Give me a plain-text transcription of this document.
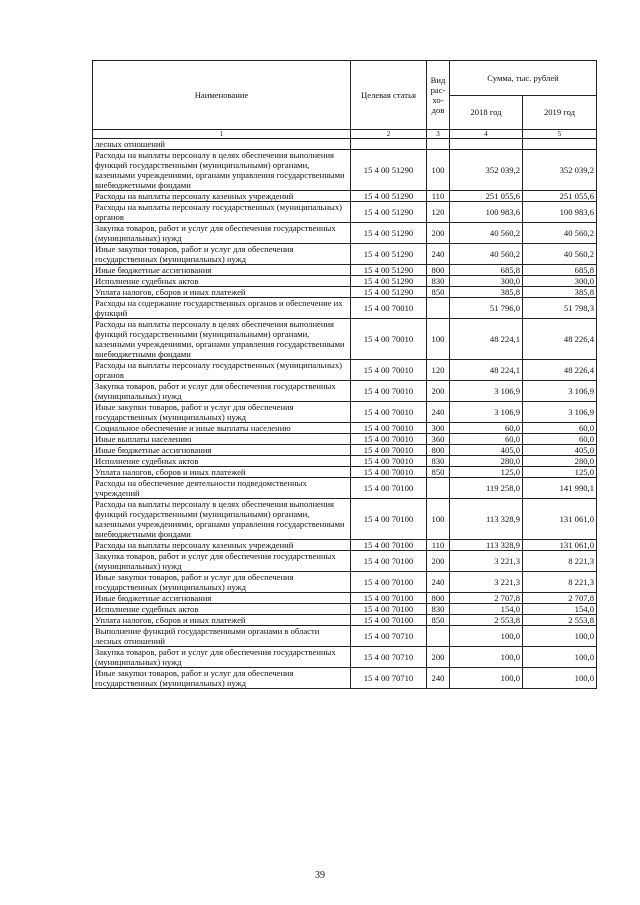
Наименование	Целевая статья	Вид рас-хо-дов	Сумма, тыс. рублей	
			2018 год	2019 год
1	2	3	4	5
лесных отношений				
Расходы на выплаты персоналу в целях обеспечения выполнения функций государственными (муниципальными) органами, казенными учреждениями, органами управления государственными внебюджетными фондами	15 4 00 51290	100	352 039,2	352 039,2
Расходы на выплаты персоналу казенных учреждений	15 4 00 51290	110	251 055,6	251 055,6
Расходы на выплаты персоналу государственных (муниципальных) органов	15 4 00 51290	120	100 983,6	100 983,6
Закупка товаров, работ и услуг для обеспечения государственных (муниципальных) нужд	15 4 00 51290	200	40 560,2	40 560,2
Иные закупки товаров, работ и услуг для обеспечения государственных (муниципальных) нужд	15 4 00 51290	240	40 560,2	40 560,2
Иные бюджетные ассигнования	15 4 00 51290	800	685,8	685,8
Исполнение судебных актов	15 4 00 51290	830	300,0	300,0
Уплата налогов, сборов и иных платежей	15 4 00 51290	850	385,8	385,8
Расходы на содержание государственных органов и обеспечение их функций	15 4 00 70010		51 796,0	51 798,3
Расходы на выплаты персоналу в целях обеспечения выполнения функций государственными (муниципальными) органами, казенными учреждениями, органами управления государственными внебюджетными фондами	15 4 00 70010	100	48 224,1	48 226,4
Расходы на выплаты персоналу государственных (муниципальных) органов	15 4 00 70010	120	48 224,1	48 226,4
Закупка товаров, работ и услуг для обеспечения государственных (муниципальных) нужд	15 4 00 70010	200	3 106,9	3 106,9
Иные закупки товаров, работ и услуг для обеспечения государственных (муниципальных) нужд	15 4 00 70010	240	3 106,9	3 106,9
Социальное обеспечение и иные выплаты населению	15 4 00 70010	300	60,0	60,0
Иные выплаты населению	15 4 00 70010	360	60,0	60,0
Иные бюджетные ассигнования	15 4 00 70010	800	405,0	405,0
Исполнение судебных актов	15 4 00 70010	830	280,0	280,0
Уплата налогов, сборов и иных платежей	15 4 00 70010	850	125,0	125,0
Расходы на обеспечение деятельности подведомственных учреждений	15 4 00 70100		119 258,0	141 990,1
Расходы на выплаты персоналу в целях обеспечения выполнения функций государственными (муниципальными) органами, казенными учреждениями, органами управления государственными внебюджетными фондами	15 4 00 70100	100	113 328,9	131 061,0
Расходы на выплаты персоналу казенных учреждений	15 4 00 70100	110	113 328,9	131 061,0
Закупка товаров, работ и услуг для обеспечения государственных (муниципальных) нужд	15 4 00 70100	200	3 221,3	8 221,3
Иные закупки товаров, работ и услуг для обеспечения государственных (муниципальных) нужд	15 4 00 70100	240	3 221,3	8 221,3
Иные бюджетные ассигнования	15 4 00 70100	800	2 707,8	2 707,8
Исполнение судебных актов	15 4 00 70100	830	154,0	154,0
Уплата налогов, сборов и иных платежей	15 4 00 70100	850	2 553,8	2 553,8
Выполнение функций государственными органами в области лесных отношений	15 4 00 70710		100,0	100,0
Закупка товаров, работ и услуг для обеспечения государственных (муниципальных) нужд	15 4 00 70710	200	100,0	100,0
Иные закупки товаров, работ и услуг для обеспечения государственных (муниципальных) нужд	15 4 00 70710	240	100,0	100,0
39
